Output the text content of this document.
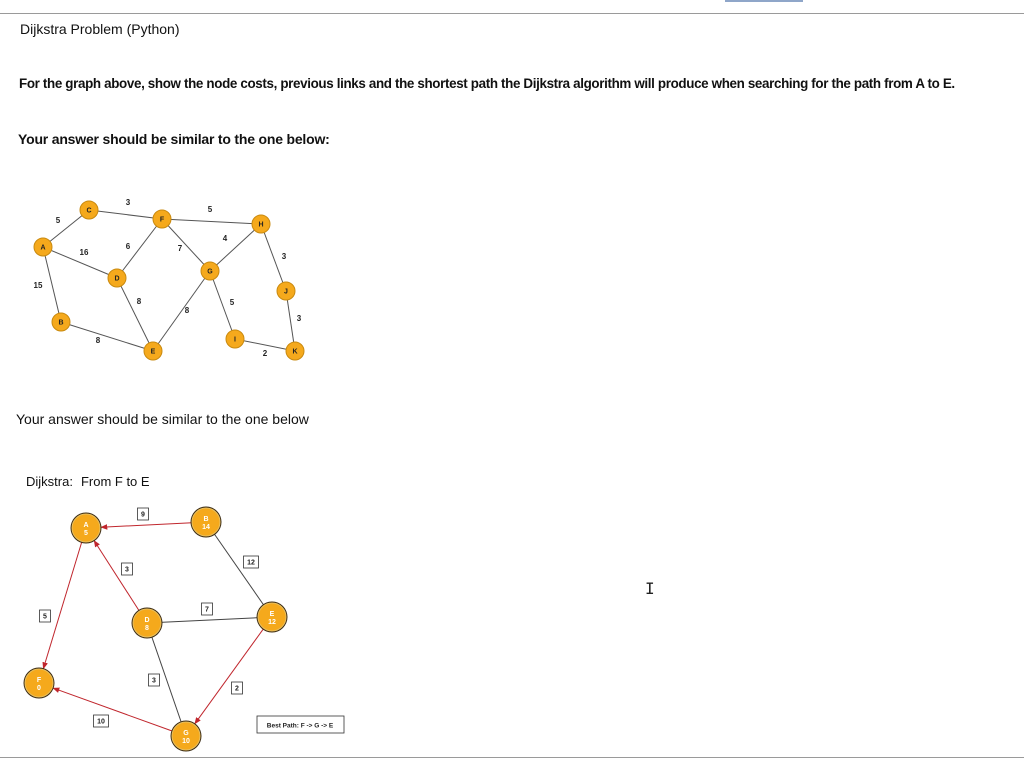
Dijkstra Problem (Python)
For the graph above, show the node costs, previous links and the shortest path the Dijkstra algorithm will produce when searching for the path from A to E.
Your answer should be similar to the one below:
5
16
15
3
6
5
7
8
8
4
8
5
3
3
2
A
B
C
D
E
F
G
H
I
J
K
9
5
3
12
7
3
10
2
A
5
B
14
D
8
E
12
F
0
G
10
Best Path: F -> G -> E
Your answer should be similar to the one below
Dijkstra: From F to E
I
